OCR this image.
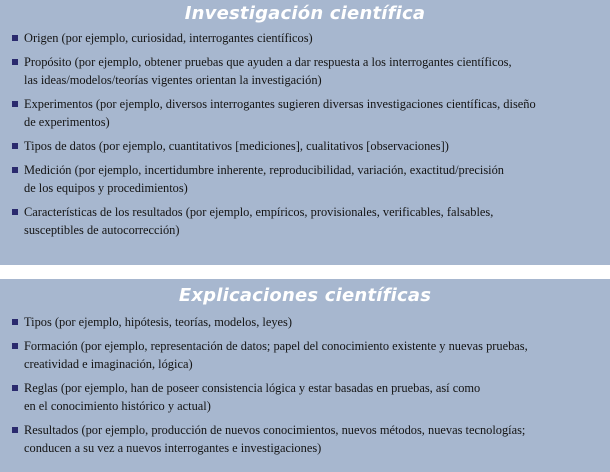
Investigación científica
Origen (por ejemplo, curiosidad, interrogantes científicos)
Propósito (por ejemplo, obtener pruebas que ayuden a dar respuesta a los interrogantes científicos,
las ideas/modelos/teorías vigentes orientan la investigación)
Experimentos (por ejemplo, diversos interrogantes sugieren diversas investigaciones científicas, diseño
de experimentos)
Tipos de datos (por ejemplo, cuantitativos [mediciones], cualitativos [observaciones])
Medición (por ejemplo, incertidumbre inherente, reproducibilidad, variación, exactitud/precisión
de los equipos y procedimientos)
Características de los resultados (por ejemplo, empíricos, provisionales, verificables, falsables,
susceptibles de autocorrección)
Explicaciones científicas
Tipos (por ejemplo, hipótesis, teorías, modelos, leyes)
Formación (por ejemplo, representación de datos; papel del conocimiento existente y nuevas pruebas,
creatividad e imaginación, lógica)
Reglas (por ejemplo, han de poseer consistencia lógica y estar basadas en pruebas, así como
en el conocimiento histórico y actual)
Resultados (por ejemplo, producción de nuevos conocimientos, nuevos métodos, nuevas tecnologías;
conducen a su vez a nuevos interrogantes e investigaciones)
